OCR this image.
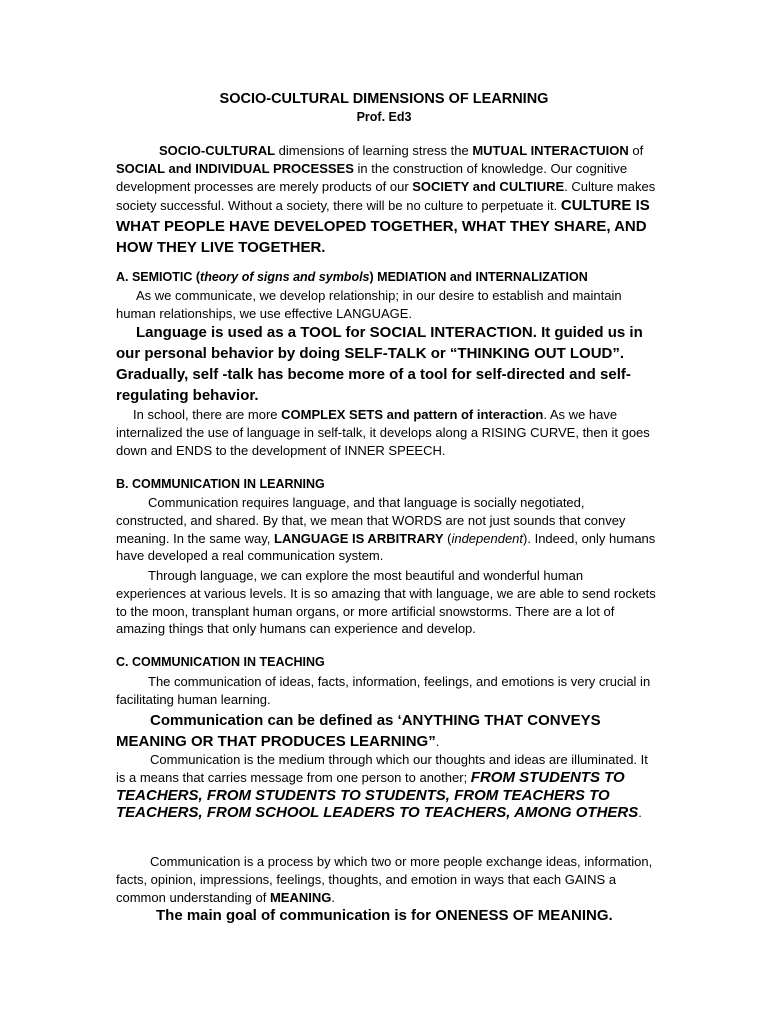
SOCIO-CULTURAL DIMENSIONS OF LEARNING
Prof. Ed3
SOCIO-CULTURAL dimensions of learning stress the MUTUAL INTERACTUION of SOCIAL and INDIVIDUAL PROCESSES in the construction of knowledge. Our cognitive development processes are merely products of our SOCIETY and CULTIURE. Culture makes society successful. Without a society, there will be no culture to perpetuate it. CULTURE IS WHAT PEOPLE HAVE DEVELOPED TOGETHER, WHAT THEY SHARE, AND HOW THEY LIVE TOGETHER.
A. SEMIOTIC (theory of signs and symbols) MEDIATION and INTERNALIZATION
As we communicate, we develop relationship; in our desire to establish and maintain human relationships, we use effective LANGUAGE.
Language is used as a TOOL for SOCIAL INTERACTION. It guided us in our personal behavior by doing SELF-TALK or “THINKING OUT LOUD”. Gradually, self -talk has become more of a tool for self-directed and self-regulating behavior.
In school, there are more COMPLEX SETS and pattern of interaction. As we have internalized the use of language in self-talk, it develops along a RISING CURVE, then it goes down and ENDS to the development of INNER SPEECH.
B. COMMUNICATION IN LEARNING
Communication requires language, and that language is socially negotiated, constructed, and shared. By that, we mean that WORDS are not just sounds that convey meaning. In the same way, LANGUAGE IS ARBITRARY (independent). Indeed, only humans have developed a real communication system.
Through language, we can explore the most beautiful and wonderful human experiences at various levels. It is so amazing that with language, we are able to send rockets to the moon, transplant human organs, or more artificial snowstorms. There are a lot of amazing things that only humans can experience and develop.
C. COMMUNICATION IN TEACHING
The communication of ideas, facts, information, feelings, and emotions is very crucial in facilitating human learning.
Communication can be defined as ‘ANYTHING THAT CONVEYS MEANING OR THAT PRODUCES LEARNING”.
Communication is the medium through which our thoughts and ideas are illuminated. It is a means that carries message from one person to another; FROM STUDENTS TO TEACHERS, FROM STUDENTS TO STUDENTS, FROM TEACHERS TO TEACHERS, FROM SCHOOL LEADERS TO TEACHERS, AMONG OTHERS.
Communication is a process by which two or more people exchange ideas, information, facts, opinion, impressions, feelings, thoughts, and emotion in ways that each GAINS a common understanding of MEANING.
The main goal of communication is for ONENESS OF MEANING.
